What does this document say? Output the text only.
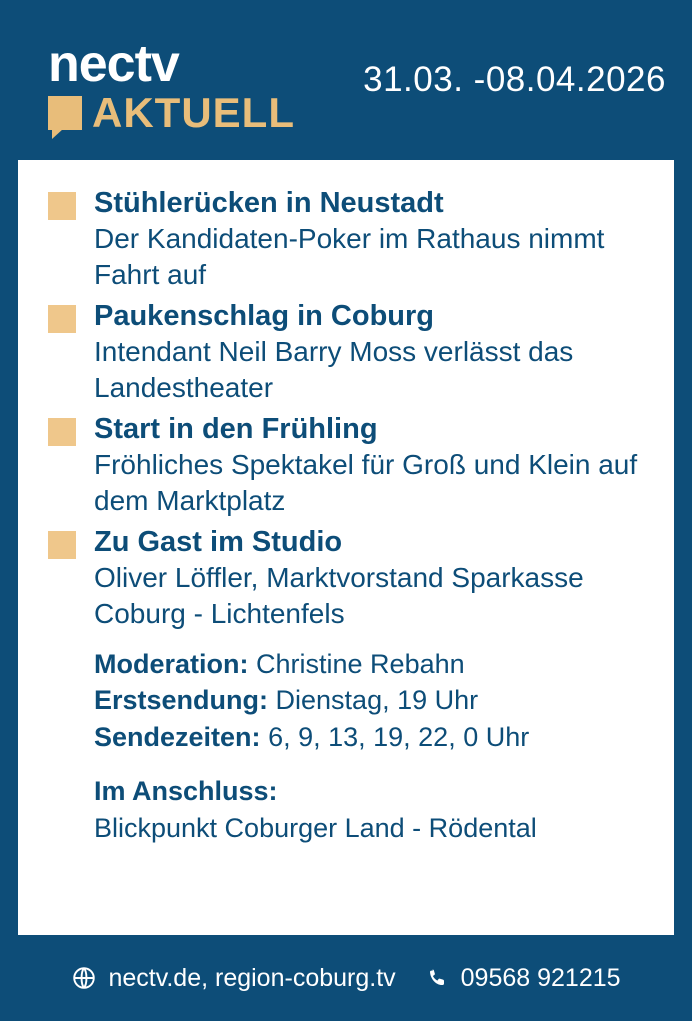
nectv
AKTUELL
31.03. -08.04.2026
Stühlerücken in Neustadt
Der Kandidaten-Poker im Rathaus nimmt Fahrt auf
Paukenschlag in Coburg
Intendant Neil Barry Moss verlässt das Landestheater
Start in den Frühling
Fröhliches Spektakel für Groß und Klein auf dem Marktplatz
Zu Gast im Studio
Oliver Löffler, Marktvorstand Sparkasse Coburg - Lichtenfels
Moderation: Christine Rebahn
Erstsendung: Dienstag, 19 Uhr
Sendezeiten: 6, 9, 13, 19, 22, 0 Uhr
Im Anschluss:
Blickpunkt Coburger Land - Rödental
nectv.de, region-coburg.tv	09568 921215
